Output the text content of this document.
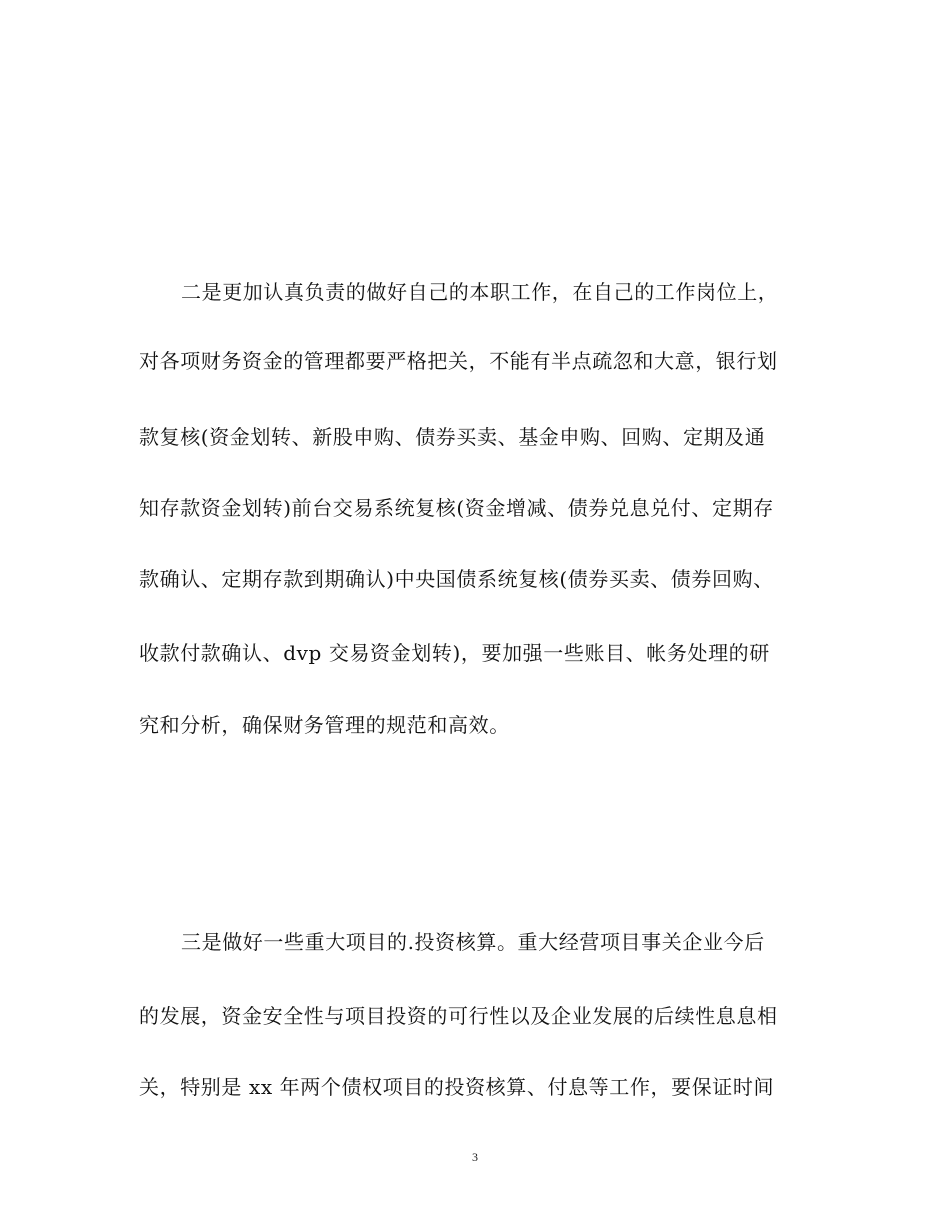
二是更加认真负责的做好自己的本职工作，在自己的工作岗位上，
对各项财务资金的管理都要严格把关，不能有半点疏忽和大意，银行划
款复核(资金划转、新股申购、债券买卖、基金申购、回购、定期及通
知存款资金划转)前台交易系统复核(资金增减、债券兑息兑付、定期存
款确认、定期存款到期确认)中央国债系统复核(债券买卖、债券回购、
收款付款确认、dvp 交易资金划转)，要加强一些账目、帐务处理的研
究和分析，确保财务管理的规范和高效。
三是做好一些重大项目的.投资核算。重大经营项目事关企业今后
的发展，资金安全性与项目投资的可行性以及企业发展的后续性息息相
关，特别是 xx 年两个债权项目的投资核算、付息等工作，要保证时间
3
